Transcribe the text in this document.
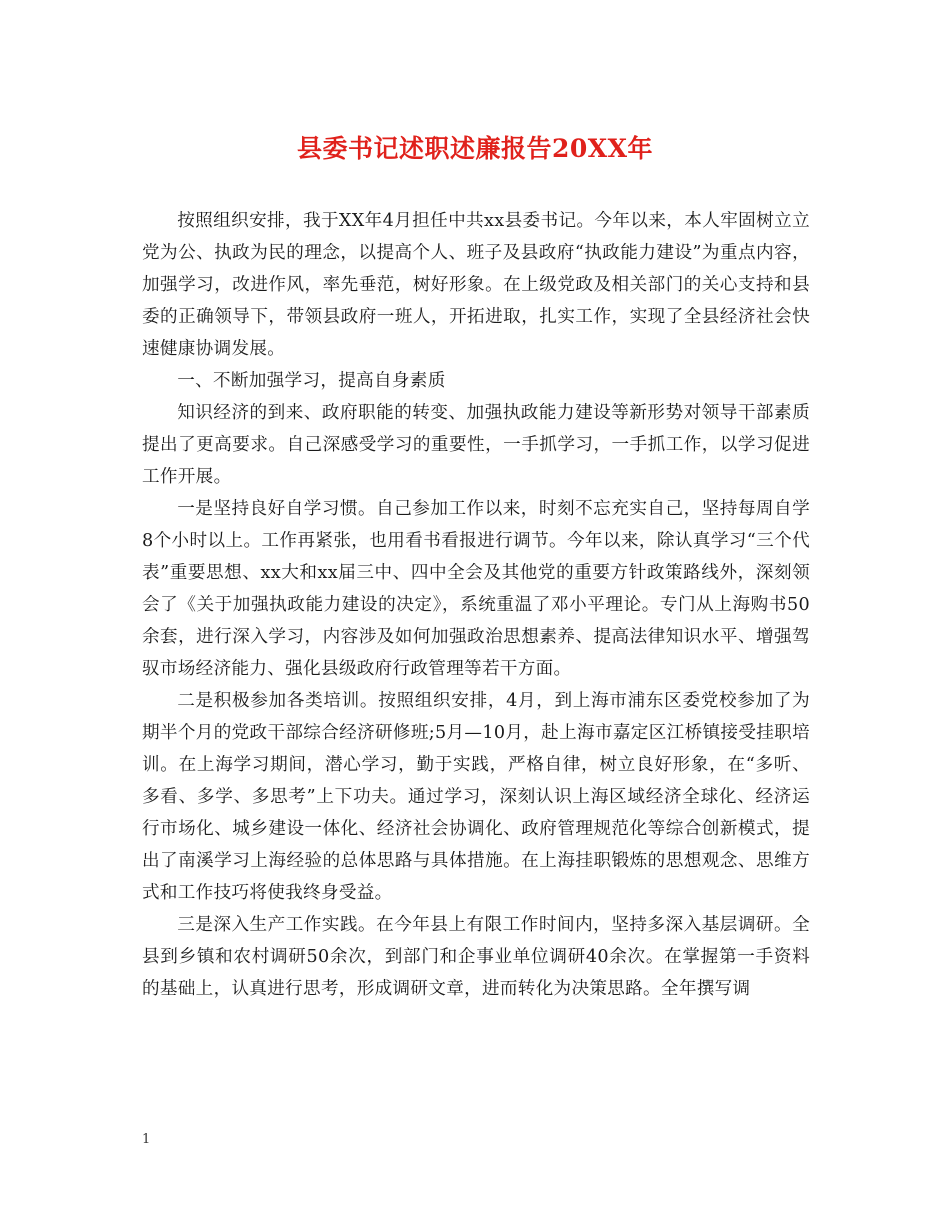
县委书记述职述廉报告20XX年

按照组织安排，我于XX年4月担任中共xx县委书记。今年以来，本人牢固树立立党为公、执政为民的理念，以提高个人、班子及县政府“执政能力建设”为重点内容，加强学习，改进作风，率先垂范，树好形象。在上级党政及相关部门的关心支持和县委的正确领导下，带领县政府一班人，开拓进取，扎实工作，实现了全县经济社会快速健康协调发展。

一、不断加强学习，提高自身素质

知识经济的到来、政府职能的转变、加强执政能力建设等新形势对领导干部素质提出了更高要求。自己深感受学习的重要性，一手抓学习，一手抓工作，以学习促进工作开展。

一是坚持良好自学习惯。自己参加工作以来，时刻不忘充实自己，坚持每周自学8个小时以上。工作再紧张，也用看书看报进行调节。今年以来，除认真学习“三个代表”重要思想、xx大和xx届三中、四中全会及其他党的重要方针政策路线外，深刻领会了《关于加强执政能力建设的决定》，系统重温了邓小平理论。专门从上海购书50余套，进行深入学习，内容涉及如何加强政治思想素养、提高法律知识水平、增强驾驭市场经济能力、强化县级政府行政管理等若干方面。

二是积极参加各类培训。按照组织安排，4月，到上海市浦东区委党校参加了为期半个月的党政干部综合经济研修班;5月—10月，赴上海市嘉定区江桥镇接受挂职培训。在上海学习期间，潜心学习，勤于实践，严格自律，树立良好形象，在“多听、多看、多学、多思考”上下功夫。通过学习，深刻认识上海区域经济全球化、经济运行市场化、城乡建设一体化、经济社会协调化、政府管理规范化等综合创新模式，提出了南溪学习上海经验的总体思路与具体措施。在上海挂职锻炼的思想观念、思维方式和工作技巧将使我终身受益。

三是深入生产工作实践。在今年县上有限工作时间内，坚持多深入基层调研。全县到乡镇和农村调研50余次，到部门和企事业单位调研40余次。在掌握第一手资料的基础上，认真进行思考，形成调研文章，进而转化为决策思路。全年撰写调

1
